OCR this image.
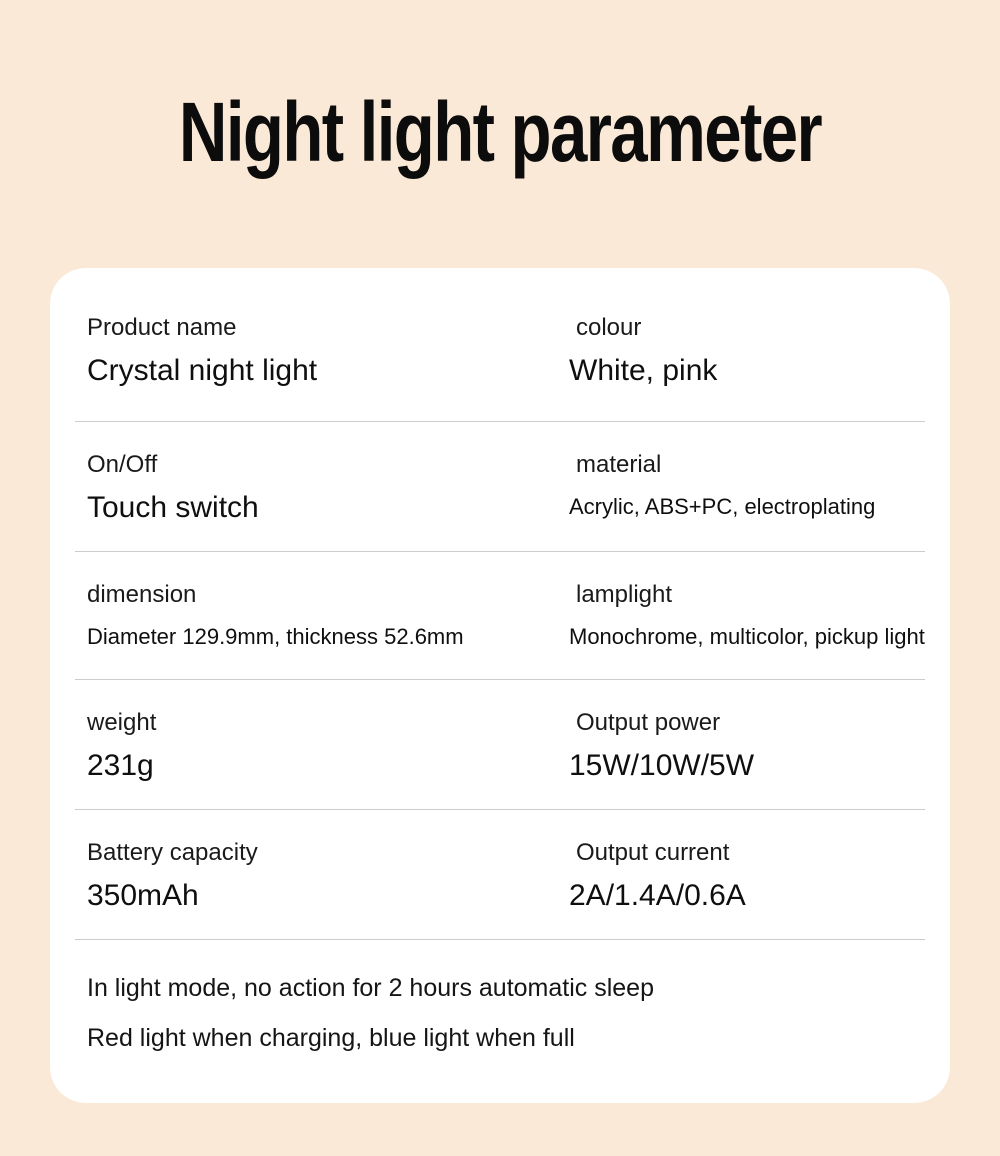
Night light parameter
Product name
Crystal night light
colour
White, pink
On/Off
Touch switch
material
Acrylic, ABS+PC, electroplating
dimension
Diameter 129.9mm, thickness 52.6mm
lamplight
Monochrome, multicolor, pickup light
weight
231g
Output power
15W/10W/5W
Battery capacity
350mAh
Output current
2A/1.4A/0.6A

In light mode, no action for 2 hours automatic sleep

Red light when charging, blue light when full
